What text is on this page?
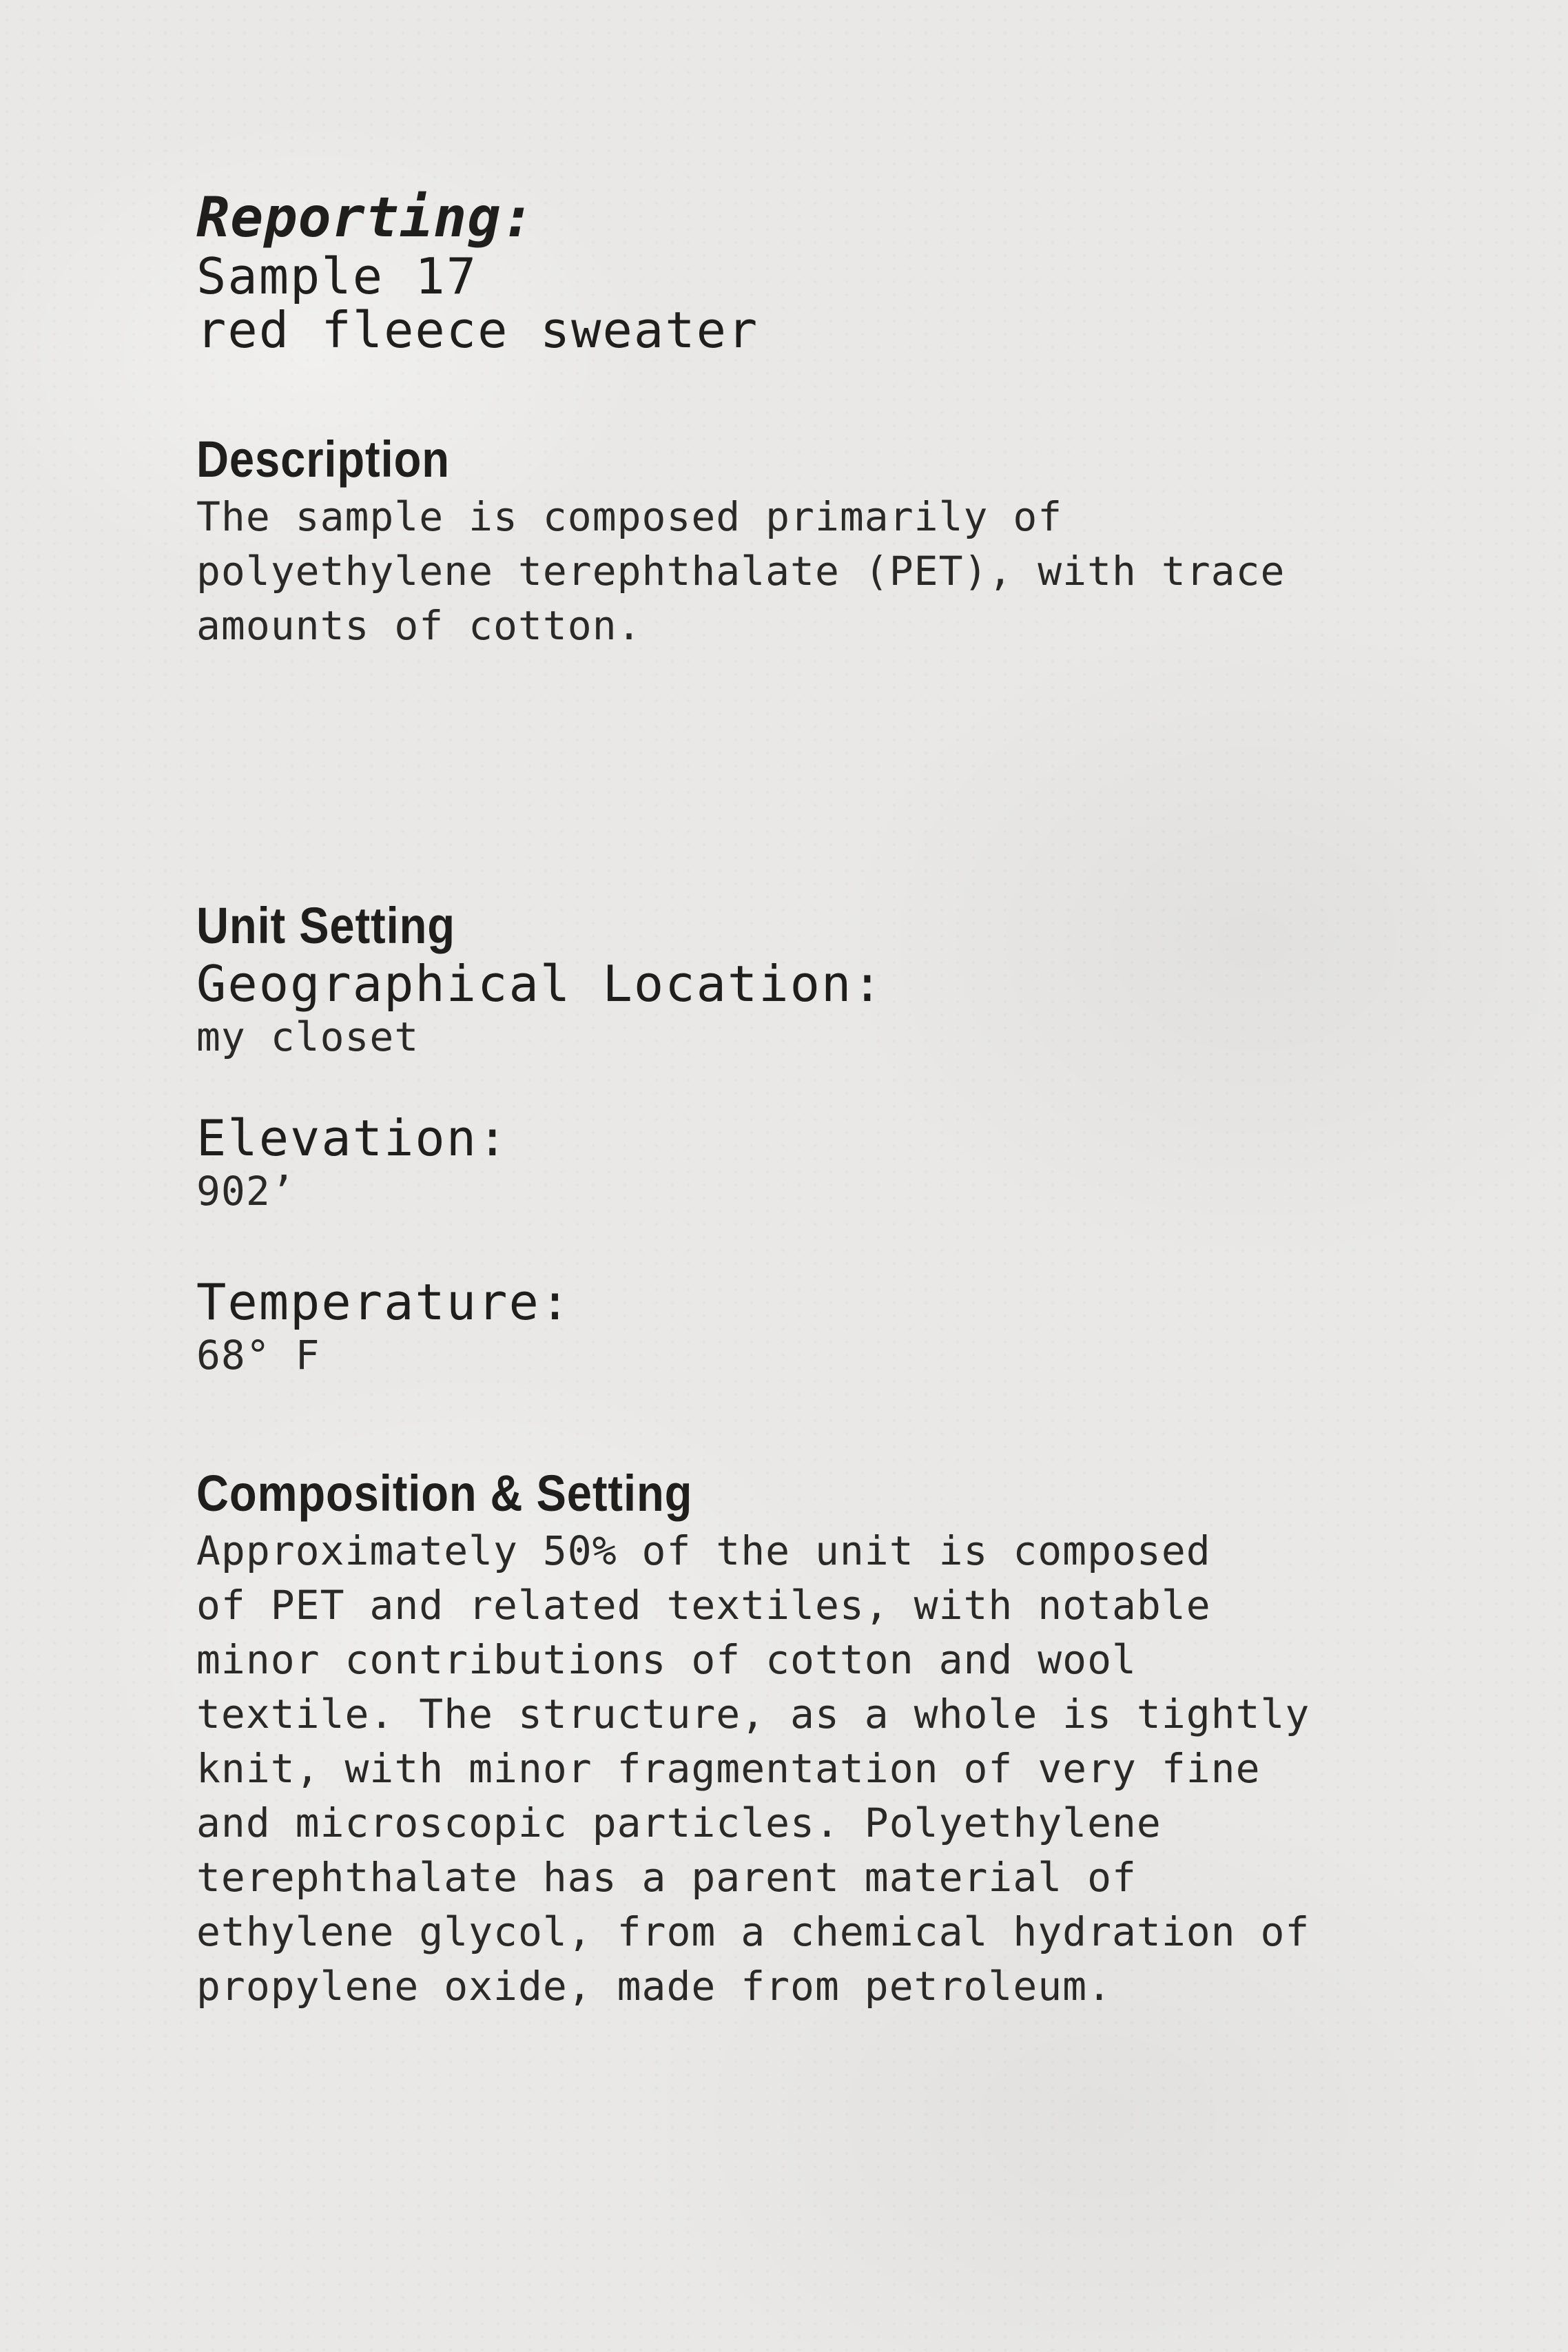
Reporting:

Sample 17

red fleece sweater

Description

The sample is composed primarily of

polyethylene terephthalate (PET), with trace

amounts of cotton.

Unit Setting

Geographical Location:

my closet

Elevation:

902’

Temperature:

68° F

Composition & Setting

Approximately 50% of the unit is composed

of PET and related textiles, with notable

minor contributions of cotton and wool

textile. The structure, as a whole is tightly

knit, with minor fragmentation of very fine

and microscopic particles. Polyethylene

terephthalate has a parent material of

ethylene glycol, from a chemical hydration of

propylene oxide, made from petroleum.
